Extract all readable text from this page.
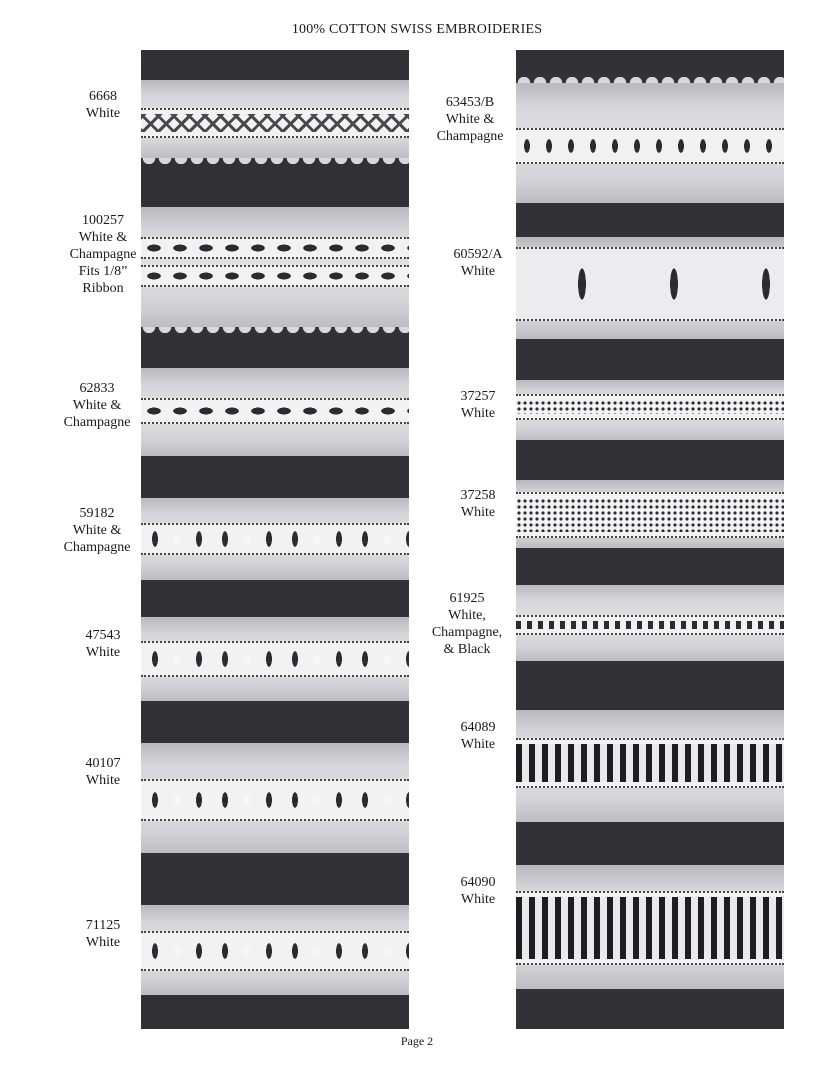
100% COTTON SWISS EMBROIDERIES
6668
White
100257
White &
Champagne
Fits 1/8”
Ribbon
62833
White &
Champagne
59182
White &
Champagne
47543
White
40107
White
71125
White
63453/B
White &
Champagne
60592/A
White
37257
White
37258
White
61925
White,
Champagne,
& Black
64089
White
64090
White
Page 2
